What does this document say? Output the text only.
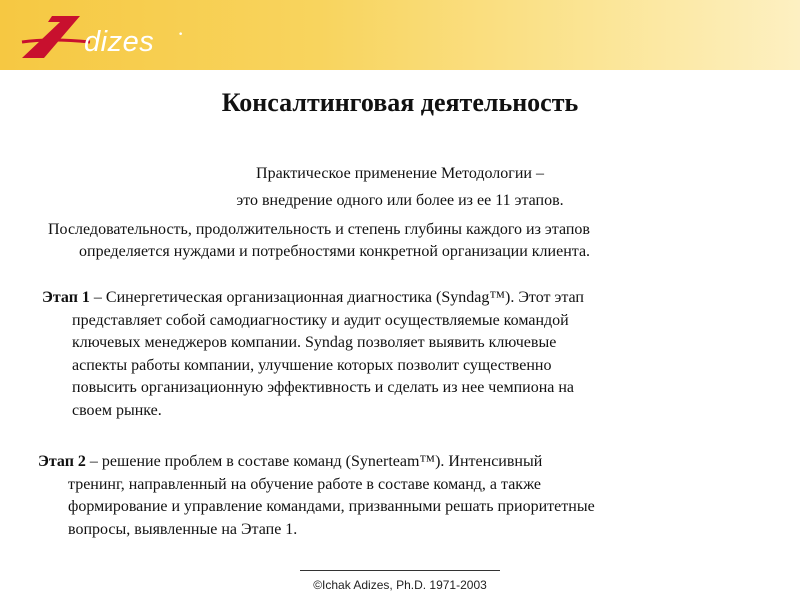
dizes	•
Консалтинговая деятельность
Практическое применение Методологии –
это внедрение одного или более из ее 11 этапов.
Последовательность, продолжительность и степень глубины каждого из этапов
определяется нуждами и потребностями конкретной организации клиента.
Этап 1 – Синергетическая организационная диагностика (Syndag™). Этот этап
представляет собой самодиагностику и аудит осуществляемые командой
ключевых менеджеров компании. Syndag позволяет выявить ключевые
аспекты работы компании, улучшение которых позволит существенно
повысить организационную эффективность и сделать из нее чемпиона на
своем рынке.
Этап 2 – решение проблем в составе команд (Synerteam™). Интенсивный
тренинг, направленный на обучение работе в составе команд, а также
формирование и управление командами, призванными решать приоритетные
вопросы, выявленные на Этапе 1.
©Ichak Adizes, Ph.D. 1971-2003
